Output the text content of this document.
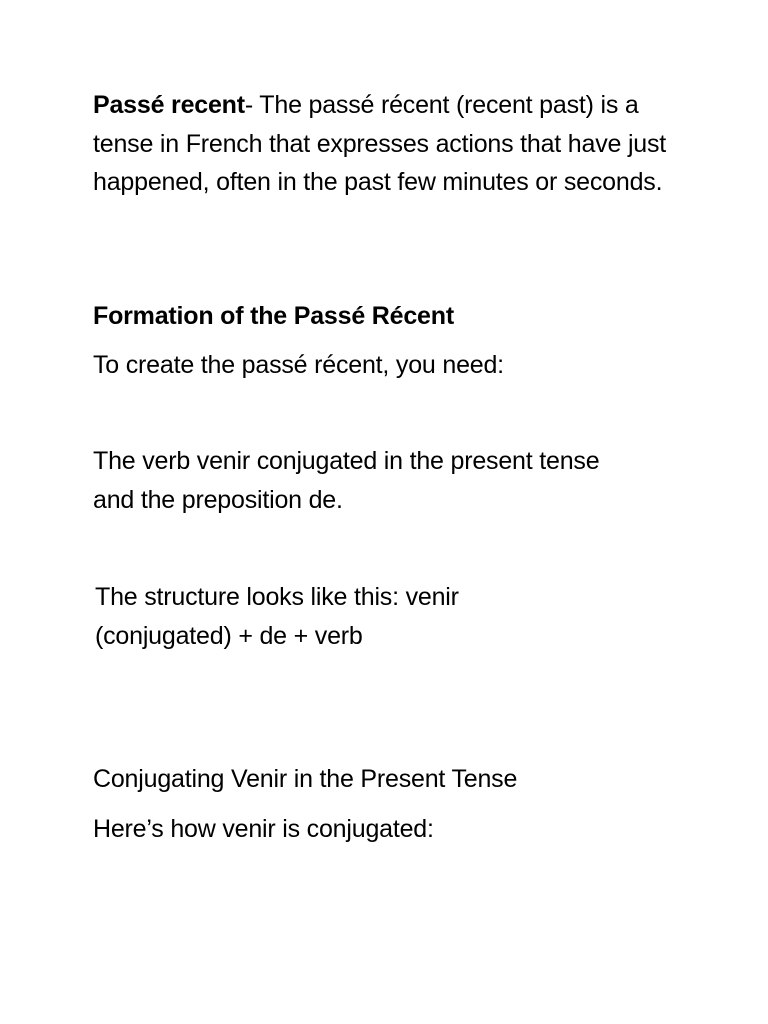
Passé recent- The passé récent (recent past) is a tense in French that expresses actions that have just happened, often in the past few minutes or seconds.

Formation of the Passé Récent

To create the passé récent, you need:

The verb venir conjugated in the present tense and the preposition de.

The structure looks like this: venir (conjugated) + de + verb

Conjugating Venir in the Present Tense

Here’s how venir is conjugated:
